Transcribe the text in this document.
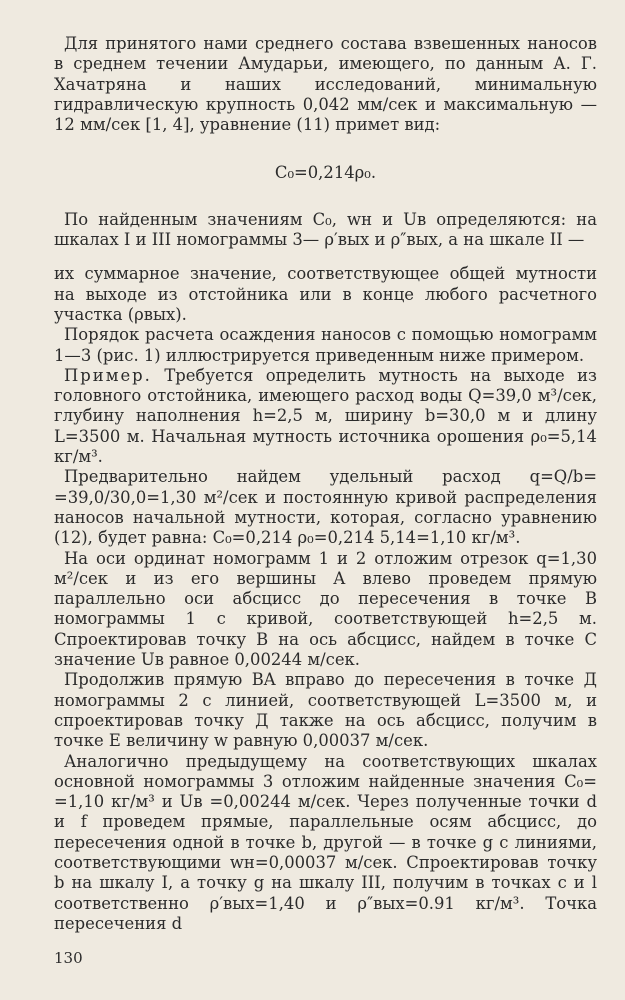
Для принятого нами среднего состава взвешенных наносов в среднем течении Амударьи, имеющего, по данным А. Г. Хачатряна и наших исследований, минимальную гидравлическую крупность 0,042 мм/сек и максимальную — 12 мм/сек [1, 4], уравнение (11) примет вид:

C₀=0,214ρ₀.

По найденным значениям C₀, wн и Uв определяются: на шкалах I и III номограммы 3— ρ′вых и ρ″вых, а на шкале II —

их суммарное значение, соответствующее общей мутности на выходе из отстойника или в конце любого расчетного участка (ρвых).

Порядок расчета осаждения наносов с помощью номограмм 1—3 (рис. 1) иллюстрируется приведенным ниже примером.

Пример. Требуется определить мутность на выходе из головного отстойника, имеющего расход воды Q=39,0 м³/сек, глубину наполнения h=2,5 м, ширину b=30,0 м и длину L=3500 м. Начальная мутность источника орошения ρ₀=5,14 кг/м³.

Предварительно найдем удельный расход q=Q/b= =39,0/30,0=1,30 м²/сек и постоянную кривой распределения наносов начальной мутности, которая, согласно уравнению (12), будет равна: C₀=0,214 ρ₀=0,214 5,14=1,10 кг/м³.

На оси ординат номограмм 1 и 2 отложим отрезок q=1,30 м²/сек и из его вершины A влево проведем прямую параллельно оси абсцисс до пересечения в точке B номограммы 1 с кривой, соответствующей h=2,5 м. Спроектировав точку B на ось абсцисс, найдем в точке C значение Uв равное 0,00244 м/сек.

Продолжив прямую BA вправо до пересечения в точке Д номограммы 2 с линией, соответствующей L=3500 м, и спроектировав точку Д также на ось абсцисс, получим в точке E величину w равную 0,00037 м/сек.

Аналогично предыдущему на соответствующих шкалах основной номограммы 3 отложим найденные значения C₀= =1,10 кг/м³ и Uв =0,00244 м/сек. Через полученные точки d и f проведем прямые, параллельные осям абсцисс, до пересечения одной в точке b, другой — в точке g с линиями, соответствующими wн=0,00037 м/сек. Спроектировав точку b на шкалу I, а точку g на шкалу III, получим в точках c и l соответственно ρ′вых=1,40 и ρ″вых=0.91 кг/м³. Точка пересечения d

130
